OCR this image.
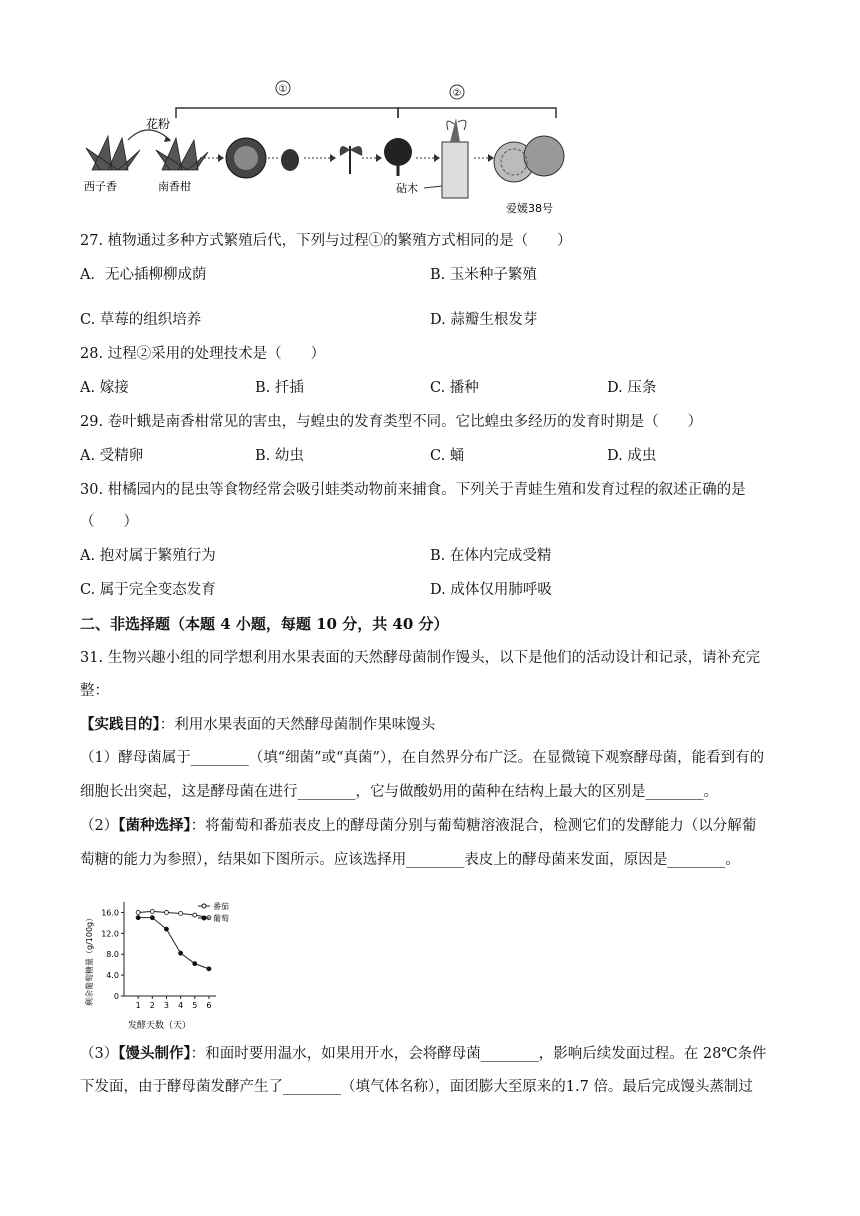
①	②
花粉
西子香	南香柑	砧木
爱媛38号
27. 植物通过多种方式繁殖后代，下列与过程①的繁殖方式相同的是（　　）
A．无心插柳柳成荫	B. 玉米种子繁殖
C. 草莓的组织培养	D. 蒜瓣生根发芽
28. 过程②采用的处理技术是（　　）
A. 嫁接	B. 扦插	C. 播种	D. 压条
29. 卷叶蛾是南香柑常见的害虫，与蝗虫的发育类型不同。它比蝗虫多经历的发育时期是（　　）
A. 受精卵	B. 幼虫	C. 蛹	D. 成虫
30. 柑橘园内的昆虫等食物经常会吸引蛙类动物前来捕食。下列关于青蛙生殖和发育过程的叙述正确的是
（　　）
A. 抱对属于繁殖行为	B. 在体内完成受精
C. 属于完全变态发育	D. 成体仅用肺呼吸
二、非选择题（本题 4 小题，每题 10 分，共 40 分）
31. 生物兴趣小组的同学想利用水果表面的天然酵母菌制作馒头，以下是他们的活动设计和记录，请补充完
整：
【实践目的】：利用水果表面的天然酵母菌制作果味馒头
（1）酵母菌属于________（填“细菌”或“真菌”），在自然界分布广泛。在显微镜下观察酵母菌，能看到有的
细胞长出突起，这是酵母菌在进行________，它与做酸奶用的菌种在结构上最大的区别是________。
（2）【菌种选择】：将葡萄和番茄表皮上的酵母菌分别与葡萄糖溶液混合，检测它们的发酵能力（以分解葡
萄糖的能力为参照），结果如下图所示。应该选择用________表皮上的酵母菌来发面，原因是________。
剩余葡萄糖量（g/100g）
发酵天数（天）
0
4.0
8.0
12.0
16.0
1 2 3 4 5 6
番茄
葡萄
（3）【馒头制作】：和面时要用温水，如果用开水，会将酵母菌________，影响后续发面过程。在 28℃条件
下发面，由于酵母菌发酵产生了________（填气体名称），面团膨大至原来的1.7 倍。最后完成馒头蒸制过
